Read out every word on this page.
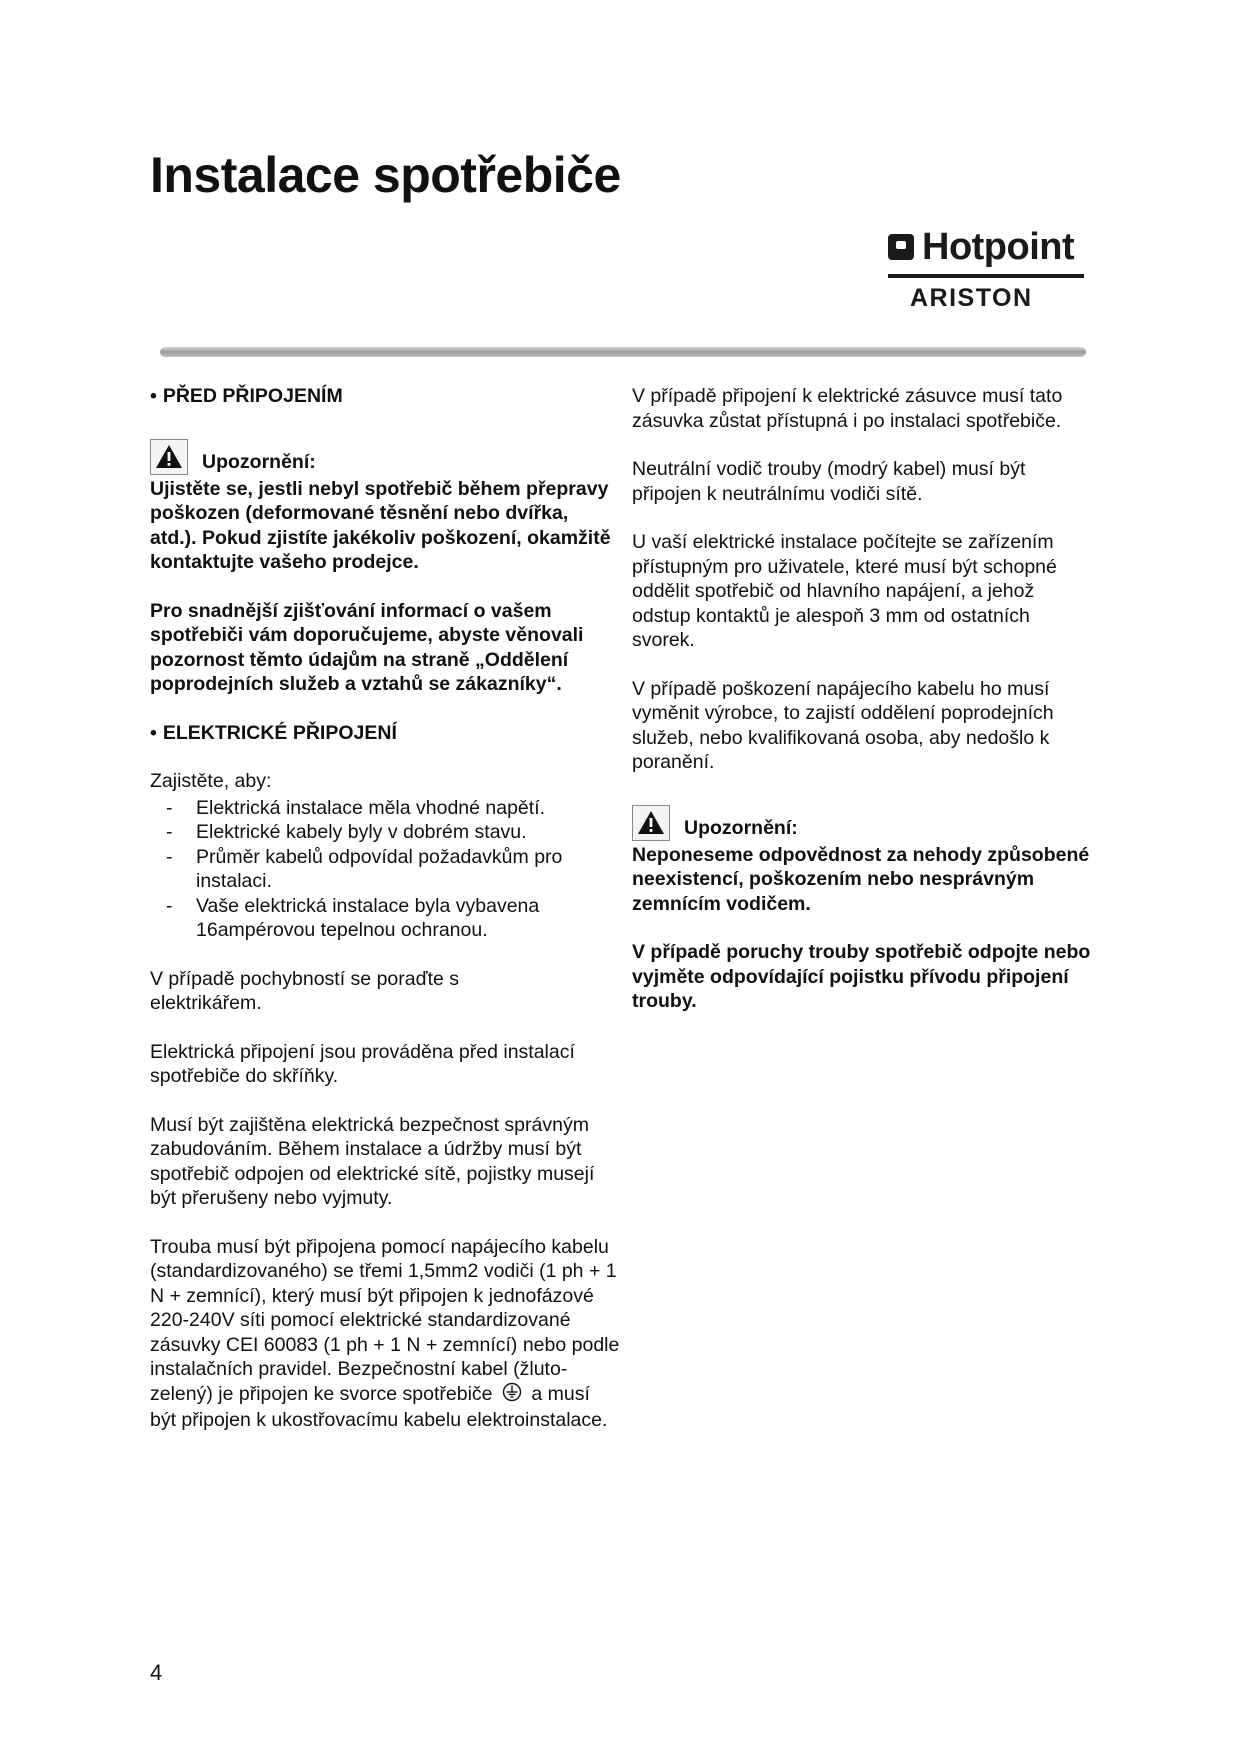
Instalace spotřebiče
Hotpoint
ARISTON
• PŘED PŘIPOJENÍM
Upozornění:
Ujistěte se, jestli nebyl spotřebič během přepravy poškozen (deformované těsnění nebo dvířka, atd.). Pokud zjistíte jakékoliv poškození, okamžitě kontaktujte vašeho prodejce.

Pro snadnější zjišťování informací o vašem spotřebiči vám doporučujeme, abyste věnovali pozornost těmto údajům na straně „Oddělení poprodejních služeb a vztahů se zákazníky“.

• ELEKTRICKÉ PŘIPOJENÍ
Zajistěte, aby:
- Elektrická instalace měla vhodné napětí.
- Elektrické kabely byly v dobrém stavu.
- Průměr kabelů odpovídal požadavkům pro instalaci.
- Vaše elektrická instalace byla vybavena 16ampérovou tepelnou ochranou.

V případě pochybností se poraďte s elektrikářem.

Elektrická připojení jsou prováděna před instalací spotřebiče do skříňky.

Musí být zajištěna elektrická bezpečnost správným zabudováním. Během instalace a údržby musí být spotřebič odpojen od elektrické sítě, pojistky musejí být přerušeny nebo vyjmuty.

Trouba musí být připojena pomocí napájecího kabelu (standardizovaného) se třemi 1,5mm2 vodiči (1 ph + 1 N + zemnící), který musí být připojen k jednofázové 220-240V síti pomocí elektrické standardizované zásuvky CEI 60083 (1 ph + 1 N + zemnící) nebo podle instalačních pravidel. Bezpečnostní kabel (žluto-zelený) je připojen ke svorce spotřebiče a musí být připojen k ukostřovacímu kabelu elektroinstalace.

V případě připojení k elektrické zásuvce musí tato zásuvka zůstat přístupná i po instalaci spotřebiče.

Neutrální vodič trouby (modrý kabel) musí být připojen k neutrálnímu vodiči sítě.

U vaší elektrické instalace počítejte se zařízením přístupným pro uživatele, které musí být schopné oddělit spotřebič od hlavního napájení, a jehož odstup kontaktů je alespoň 3 mm od ostatních svorek.

V případě poškození napájecího kabelu ho musí vyměnit výrobce, to zajistí oddělení poprodejních služeb, nebo kvalifikovaná osoba, aby nedošlo k poranění.

Upozornění:
Neponeseme odpovědnost za nehody způsobené neexistencí, poškozením nebo nesprávným zemnícím vodičem.

V případě poruchy trouby spotřebič odpojte nebo vyjměte odpovídající pojistku přívodu připojení trouby.

4
